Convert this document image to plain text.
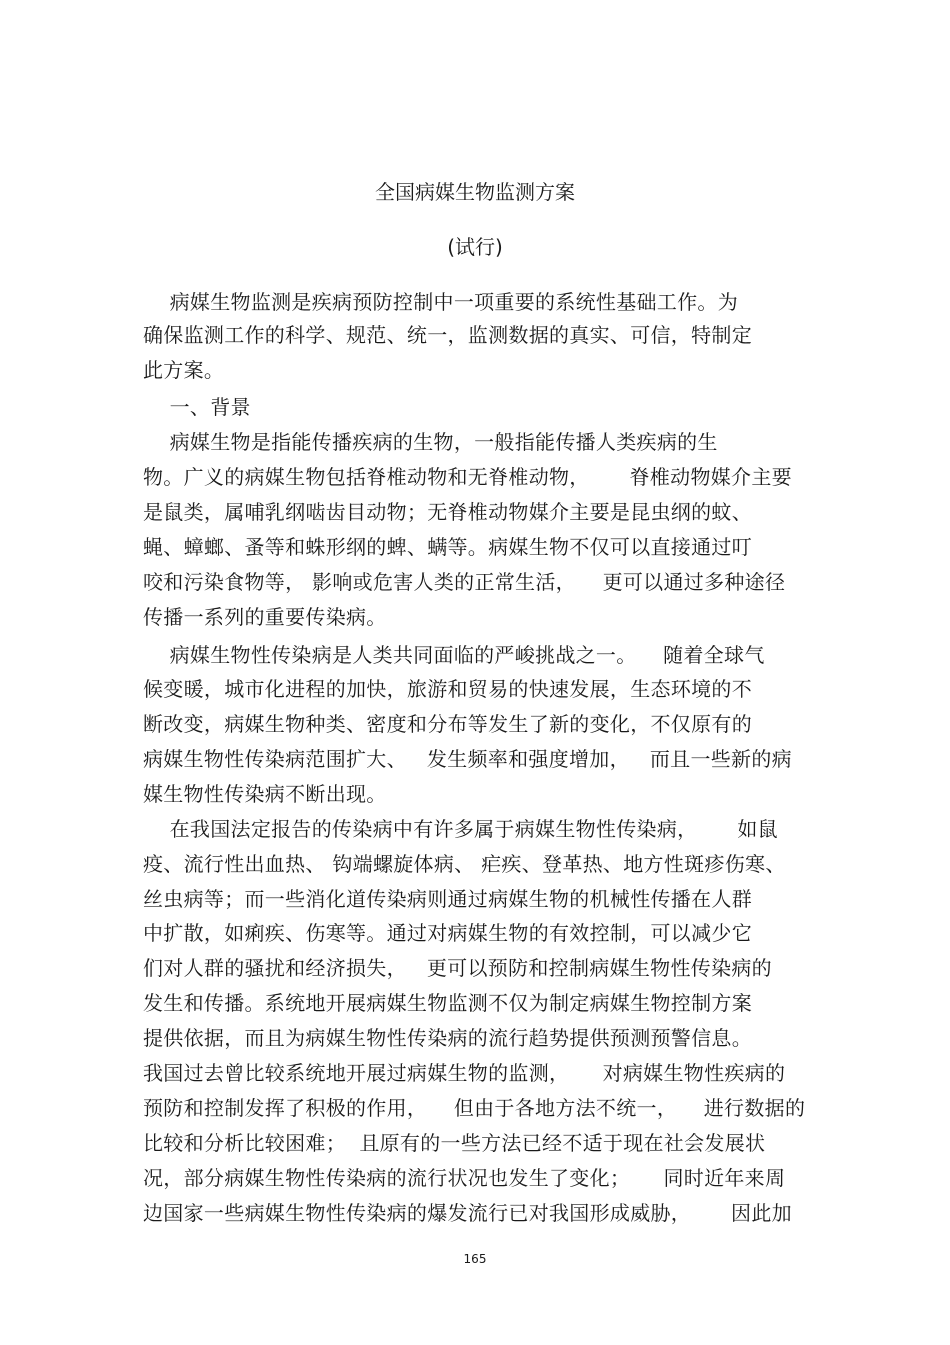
全国病媒生物监测方案
(试行)
病媒生物监测是疾病预防控制中一项重要的系统性基础工作。为
确保监测工作的科学、规范、统一，监测数据的真实、可信，特制定
此方案。
一、背景
病媒生物是指能传播疾病的生物，一般指能传播人类疾病的生
物。广义的病媒生物包括脊椎动物和无脊椎动物，      脊椎动物媒介主要
是鼠类，属哺乳纲啮齿目动物；无脊椎动物媒介主要是昆虫纲的蚊、
蝇、蟑螂、蚤等和蛛形纲的蜱、螨等。病媒生物不仅可以直接通过叮
咬和污染食物等， 影响或危害人类的正常生活，    更可以通过多种途径
传播一系列的重要传染病。
病媒生物性传染病是人类共同面临的严峻挑战之一。    随着全球气
候变暖，城市化进程的加快，旅游和贸易的快速发展，生态环境的不
断改变，病媒生物种类、密度和分布等发生了新的变化，不仅原有的
病媒生物性传染病范围扩大、   发生频率和强度增加，   而且一些新的病
媒生物性传染病不断出现。
在我国法定报告的传染病中有许多属于病媒生物性传染病，      如鼠
疫、流行性出血热、 钩端螺旋体病、 疟疾、登革热、地方性斑疹伤寒、
丝虫病等；而一些消化道传染病则通过病媒生物的机械性传播在人群
中扩散，如痢疾、伤寒等。通过对病媒生物的有效控制，可以减少它
们对人群的骚扰和经济损失，   更可以预防和控制病媒生物性传染病的
发生和传播。系统地开展病媒生物监测不仅为制定病媒生物控制方案
提供依据，而且为病媒生物性传染病的流行趋势提供预测预警信息。
我国过去曾比较系统地开展过病媒生物的监测，     对病媒生物性疾病的
预防和控制发挥了积极的作用，    但由于各地方法不统一，    进行数据的
比较和分析比较困难；  且原有的一些方法已经不适于现在社会发展状
况，部分病媒生物性传染病的流行状况也发生了变化；     同时近年来周
边国家一些病媒生物性传染病的爆发流行已对我国形成威胁，      因此加
165
